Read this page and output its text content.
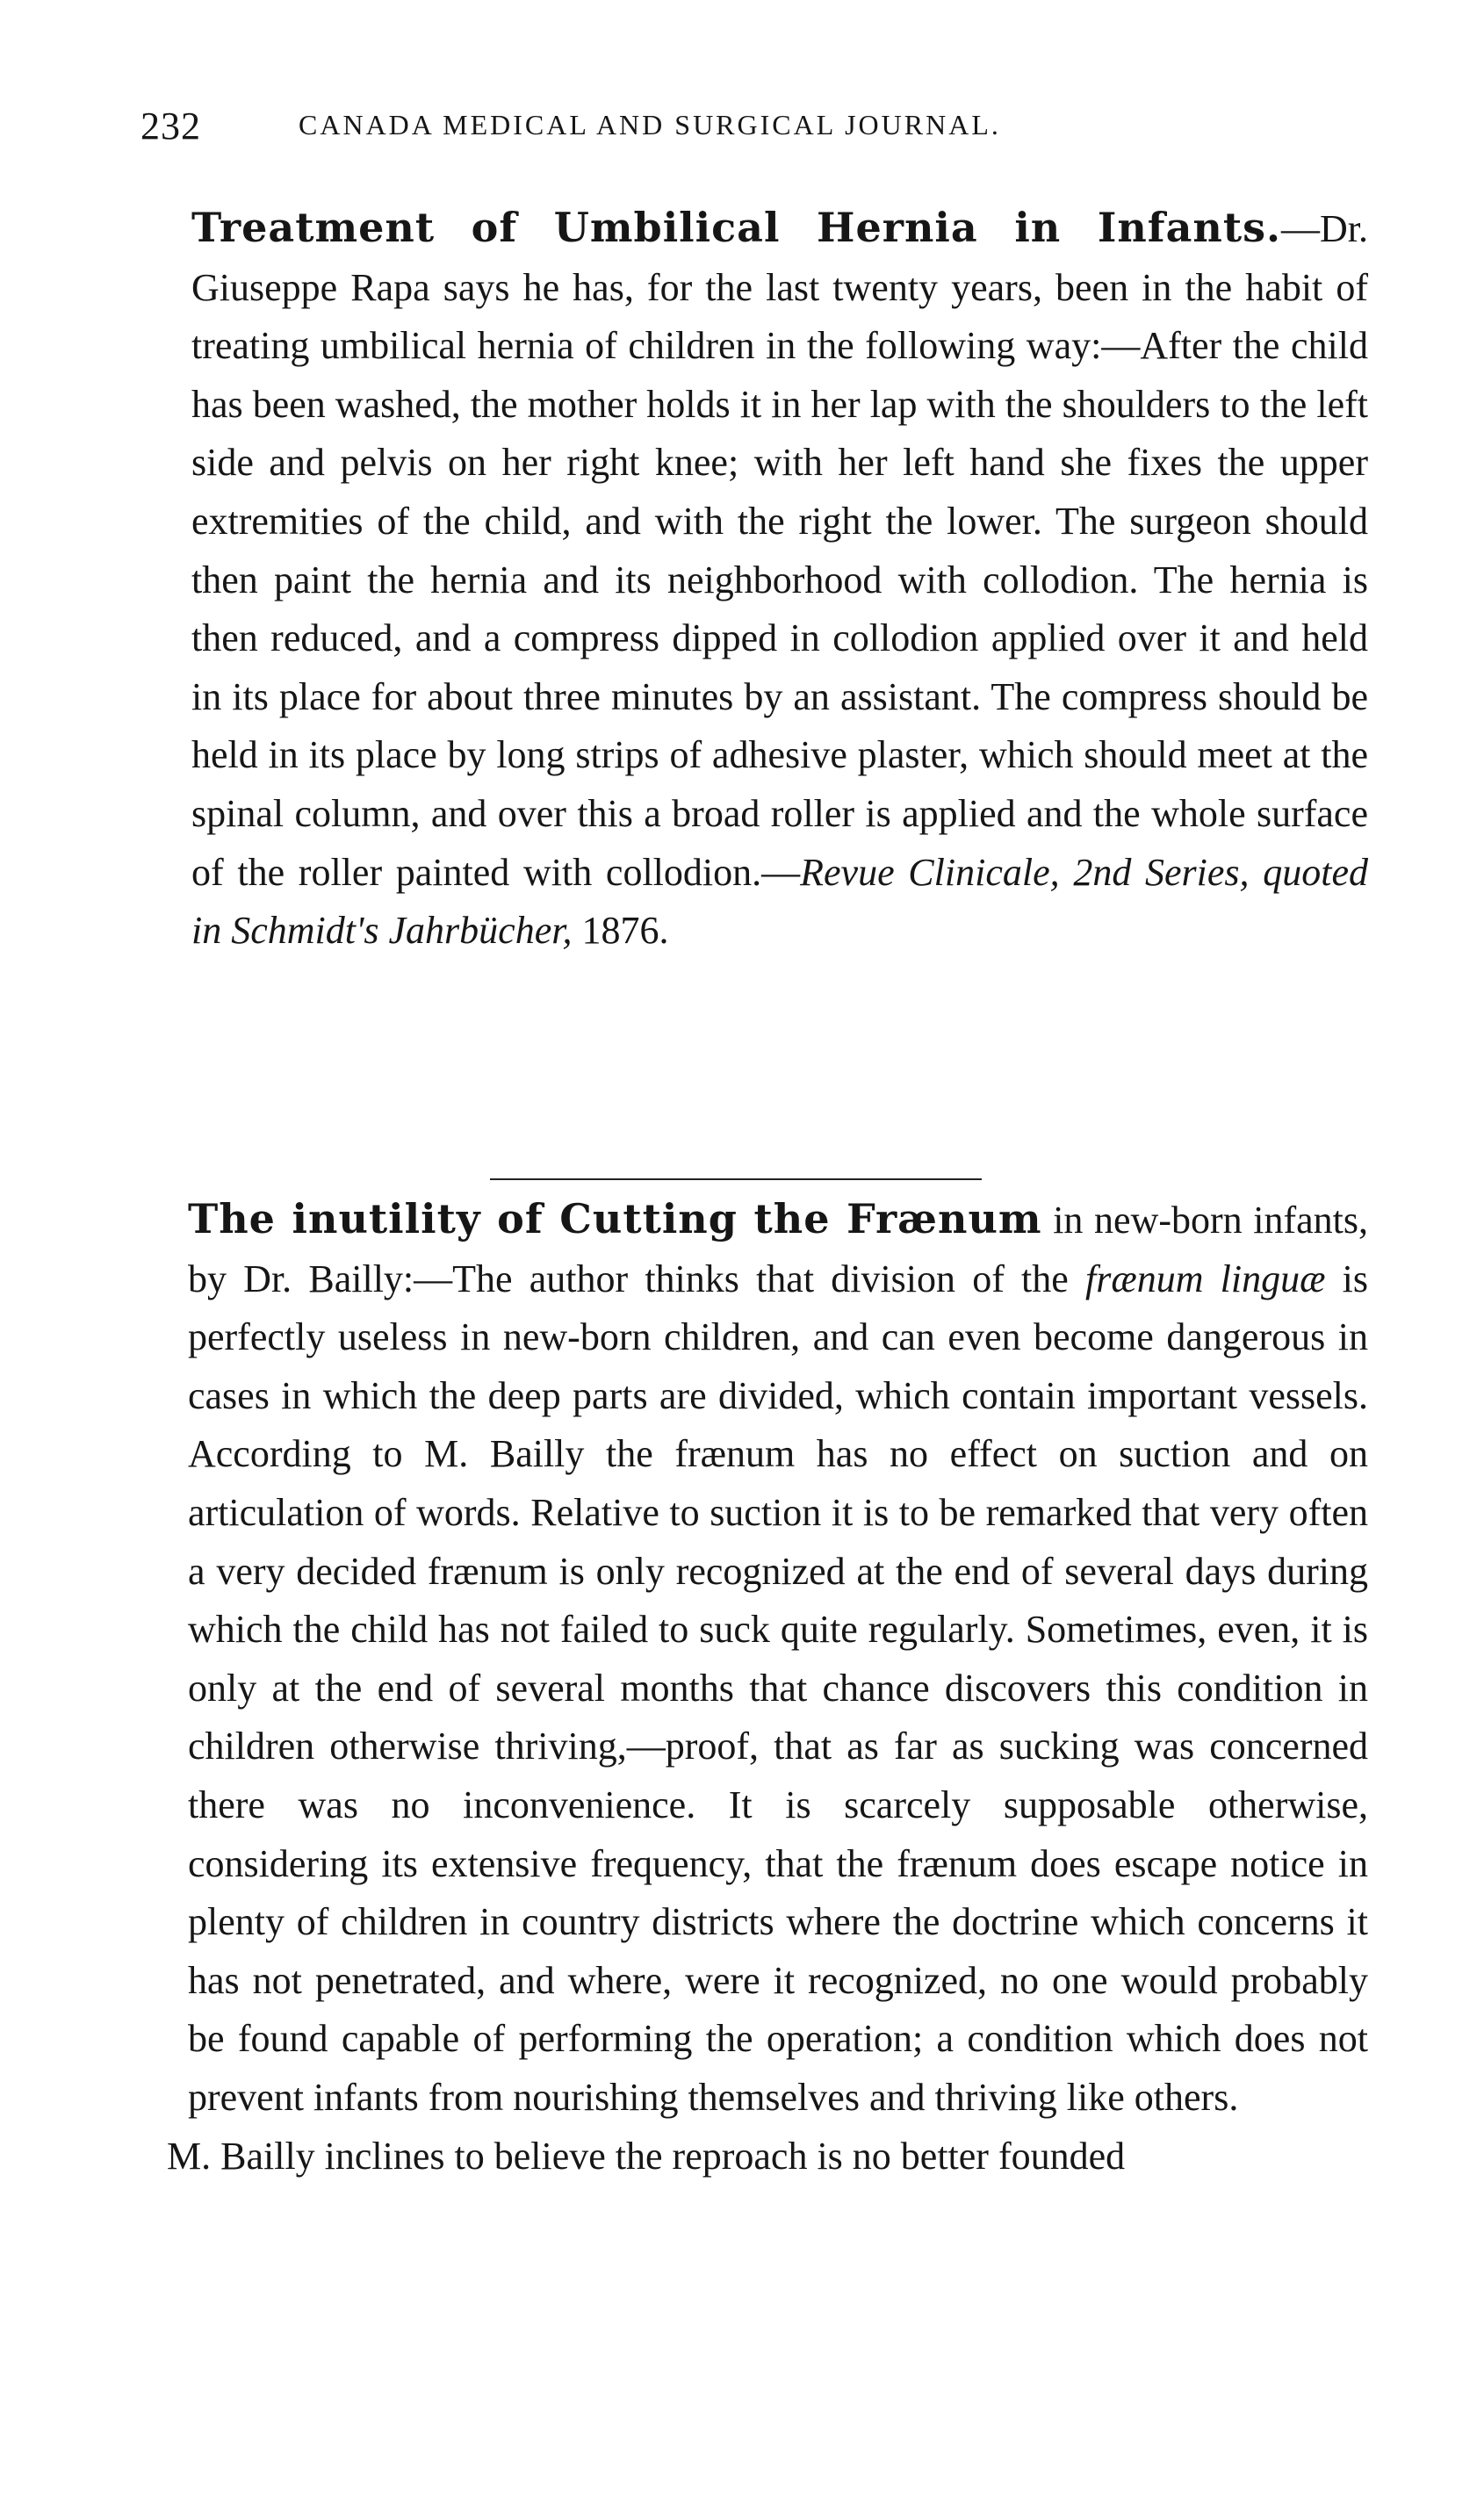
232	CANADA MEDICAL AND SURGICAL JOURNAL.

Treatment of Umbilical Hernia in Infants.—Dr. Giuseppe Rapa says he has, for the last twenty years, been in the habit of treating umbilical hernia of children in the following way:—After the child has been washed, the mother holds it in her lap with the shoulders to the left side and pelvis on her right knee; with her left hand she fixes the upper extremities of the child, and with the right the lower. The surgeon should then paint the hernia and its neighborhood with collodion. The hernia is then reduced, and a compress dipped in collodion applied over it and held in its place for about three minutes by an assistant. The compress should be held in its place by long strips of adhesive plaster, which should meet at the spinal column, and over this a broad roller is applied and the whole surface of the roller painted with collodion.—Revue Clinicale, 2nd Series, quoted in Schmidt's Jahrbücher, 1876.

The inutility of Cutting the Frænum in new-born infants, by Dr. Bailly:—The author thinks that division of the frænum linguæ is perfectly useless in new-born children, and can even become dangerous in cases in which the deep parts are divided, which contain important vessels. According to M. Bailly the frænum has no effect on suction and on articulation of words. Relative to suction it is to be remarked that very often a very decided frænum is only recognized at the end of several days during which the child has not failed to suck quite regularly. Sometimes, even, it is only at the end of several months that chance discovers this condition in children otherwise thriving,—proof, that as far as sucking was concerned there was no inconvenience. It is scarcely supposable otherwise, considering its extensive frequency, that the frænum does escape notice in plenty of children in country districts where the doctrine which concerns it has not penetrated, and where, were it recognized, no one would probably be found capable of performing the operation; a condition which does not prevent infants from nourishing themselves and thriving like others.

M. Bailly inclines to believe the reproach is no better founded
